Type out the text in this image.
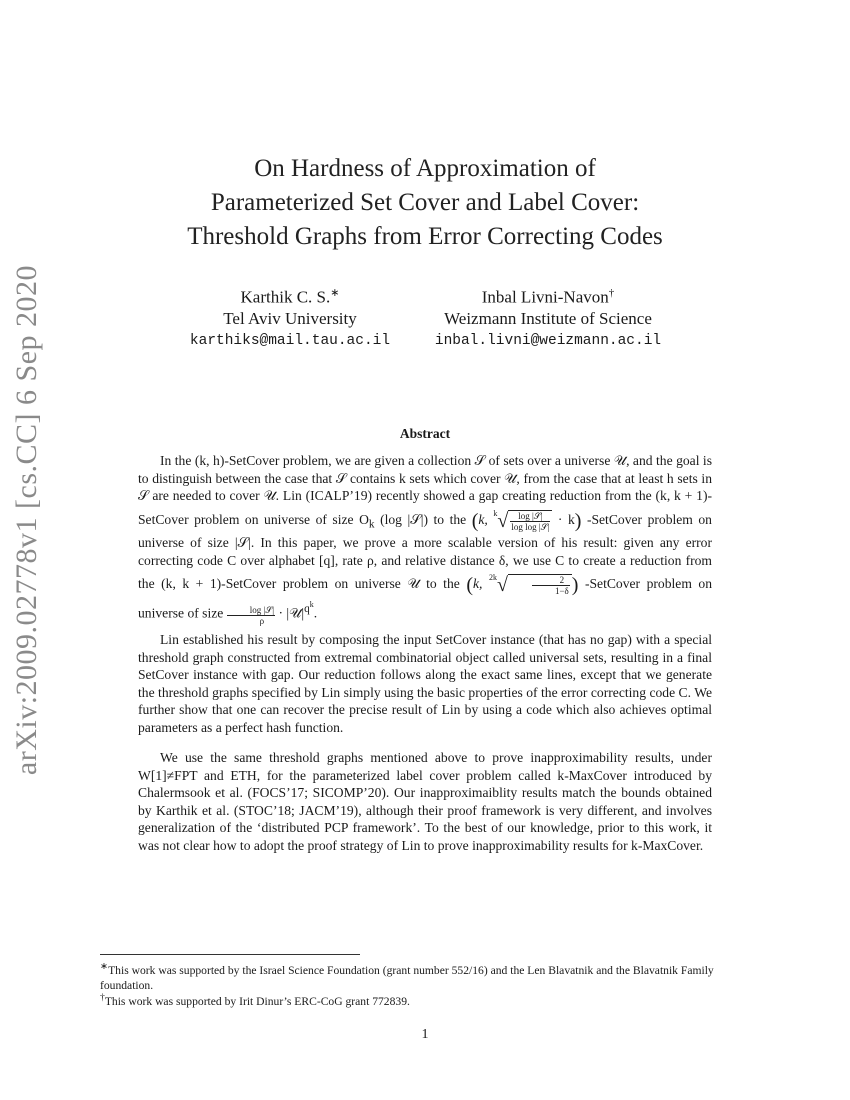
arXiv:2009.02778v1 [cs.CC] 6 Sep 2020
On Hardness of Approximation of
Parameterized Set Cover and Label Cover:
Threshold Graphs from Error Correcting Codes
Karthik C. S.∗
Tel Aviv University
karthiks@mail.tau.ac.il
Inbal Livni-Navon†
Weizmann Institute of Science
inbal.livni@weizmann.ac.il
Abstract

In the (k, h)-SetCover problem, we are given a collection 𝒮 of sets over a universe 𝒰, and the goal is to distinguish between the case that 𝒮 contains k sets which cover 𝒰, from the case that at least h sets in 𝒮 are needed to cover 𝒰. Lin (ICALP’19) recently showed a gap creating reduction from the (k, k + 1)-SetCover problem on universe of size $O_k$ (log |𝒮|) to the (k, $^k√ \frac{\text{log |𝒮|}}{\text{log log |𝒮|}} \cdot k$) -SetCover problem on universe of size |𝒮|. In this paper, we prove a more scalable version of his result: given any error correcting code C over alphabet [q], rate ρ, and relative distance δ, we use C to create a reduction from the (k, k + 1)-SetCover problem on universe 𝒰 to the (k, $^{2k}$√	$\frac{2}{1-\delta}$ ) -SetCover problem on universe of size $\frac{\text{log |𝒮|}}{\rho}$ · $|𝒰|^{q^k}$.

Lin established his result by composing the input SetCover instance (that has no gap) with a special threshold graph constructed from extremal combinatorial object called universal sets, resulting in a final SetCover instance with gap. Our reduction follows along the exact same lines, except that we generate the threshold graphs specified by Lin simply using the basic properties of the error correcting code C. We further show that one can recover the precise result of Lin by using a code which also achieves optimal parameters as a perfect hash function.

We use the same threshold graphs mentioned above to prove inapproximability results, under W[1]≠FPT and ETH, for the parameterized label cover problem called k-MaxCover introduced by Chalermsook et al. (FOCS’17; SICOMP’20). Our inapproximaiblity results match the bounds obtained by Karthik et al. (STOC’18; JACM’19), although their proof framework is very different, and involves generalization of the ‘distributed PCP framework’. To the best of our knowledge, prior to this work, it was not clear how to adopt the proof strategy of Lin to prove inapproximability results for k-MaxCover.

∗This work was supported by the Israel Science Foundation (grant number 552/16) and the Len Blavatnik and the Blavatnik Family foundation.
†This work was supported by Irit Dinur’s ERC-CoG grant 772839.
1
